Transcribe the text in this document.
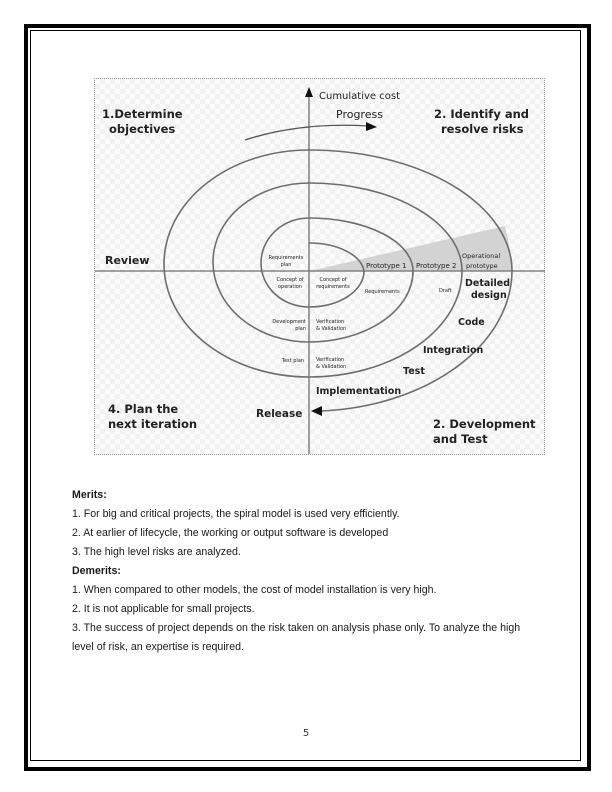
Cumulative cost
Progress
1.Determine
objectives
2. Identify and
resolve risks
2. Development
and Test
4. Plan the
next iteration
Review
Release
Requirements
plan
Concept of
operation
Concept of
requirements
Development
plan
Verification
& Validation
Test plan Verification
& Validation
Requirements	Draft
Prototype 1 Prototype 2
Operational
prototype
Detailed
design
Code
Integration
Test
Implementation
Merits:
1. For big and critical projects, the spiral model is used very efficiently.
2. At earlier of lifecycle, the working or output software is developed
3. The high level risks are analyzed.
Demerits:
1. When compared to other models, the cost of model installation is very high.
2. It is not applicable for small projects.
3. The success of project depends on the risk taken on analysis phase only. To analyze the high
level of risk, an expertise is required.
5
